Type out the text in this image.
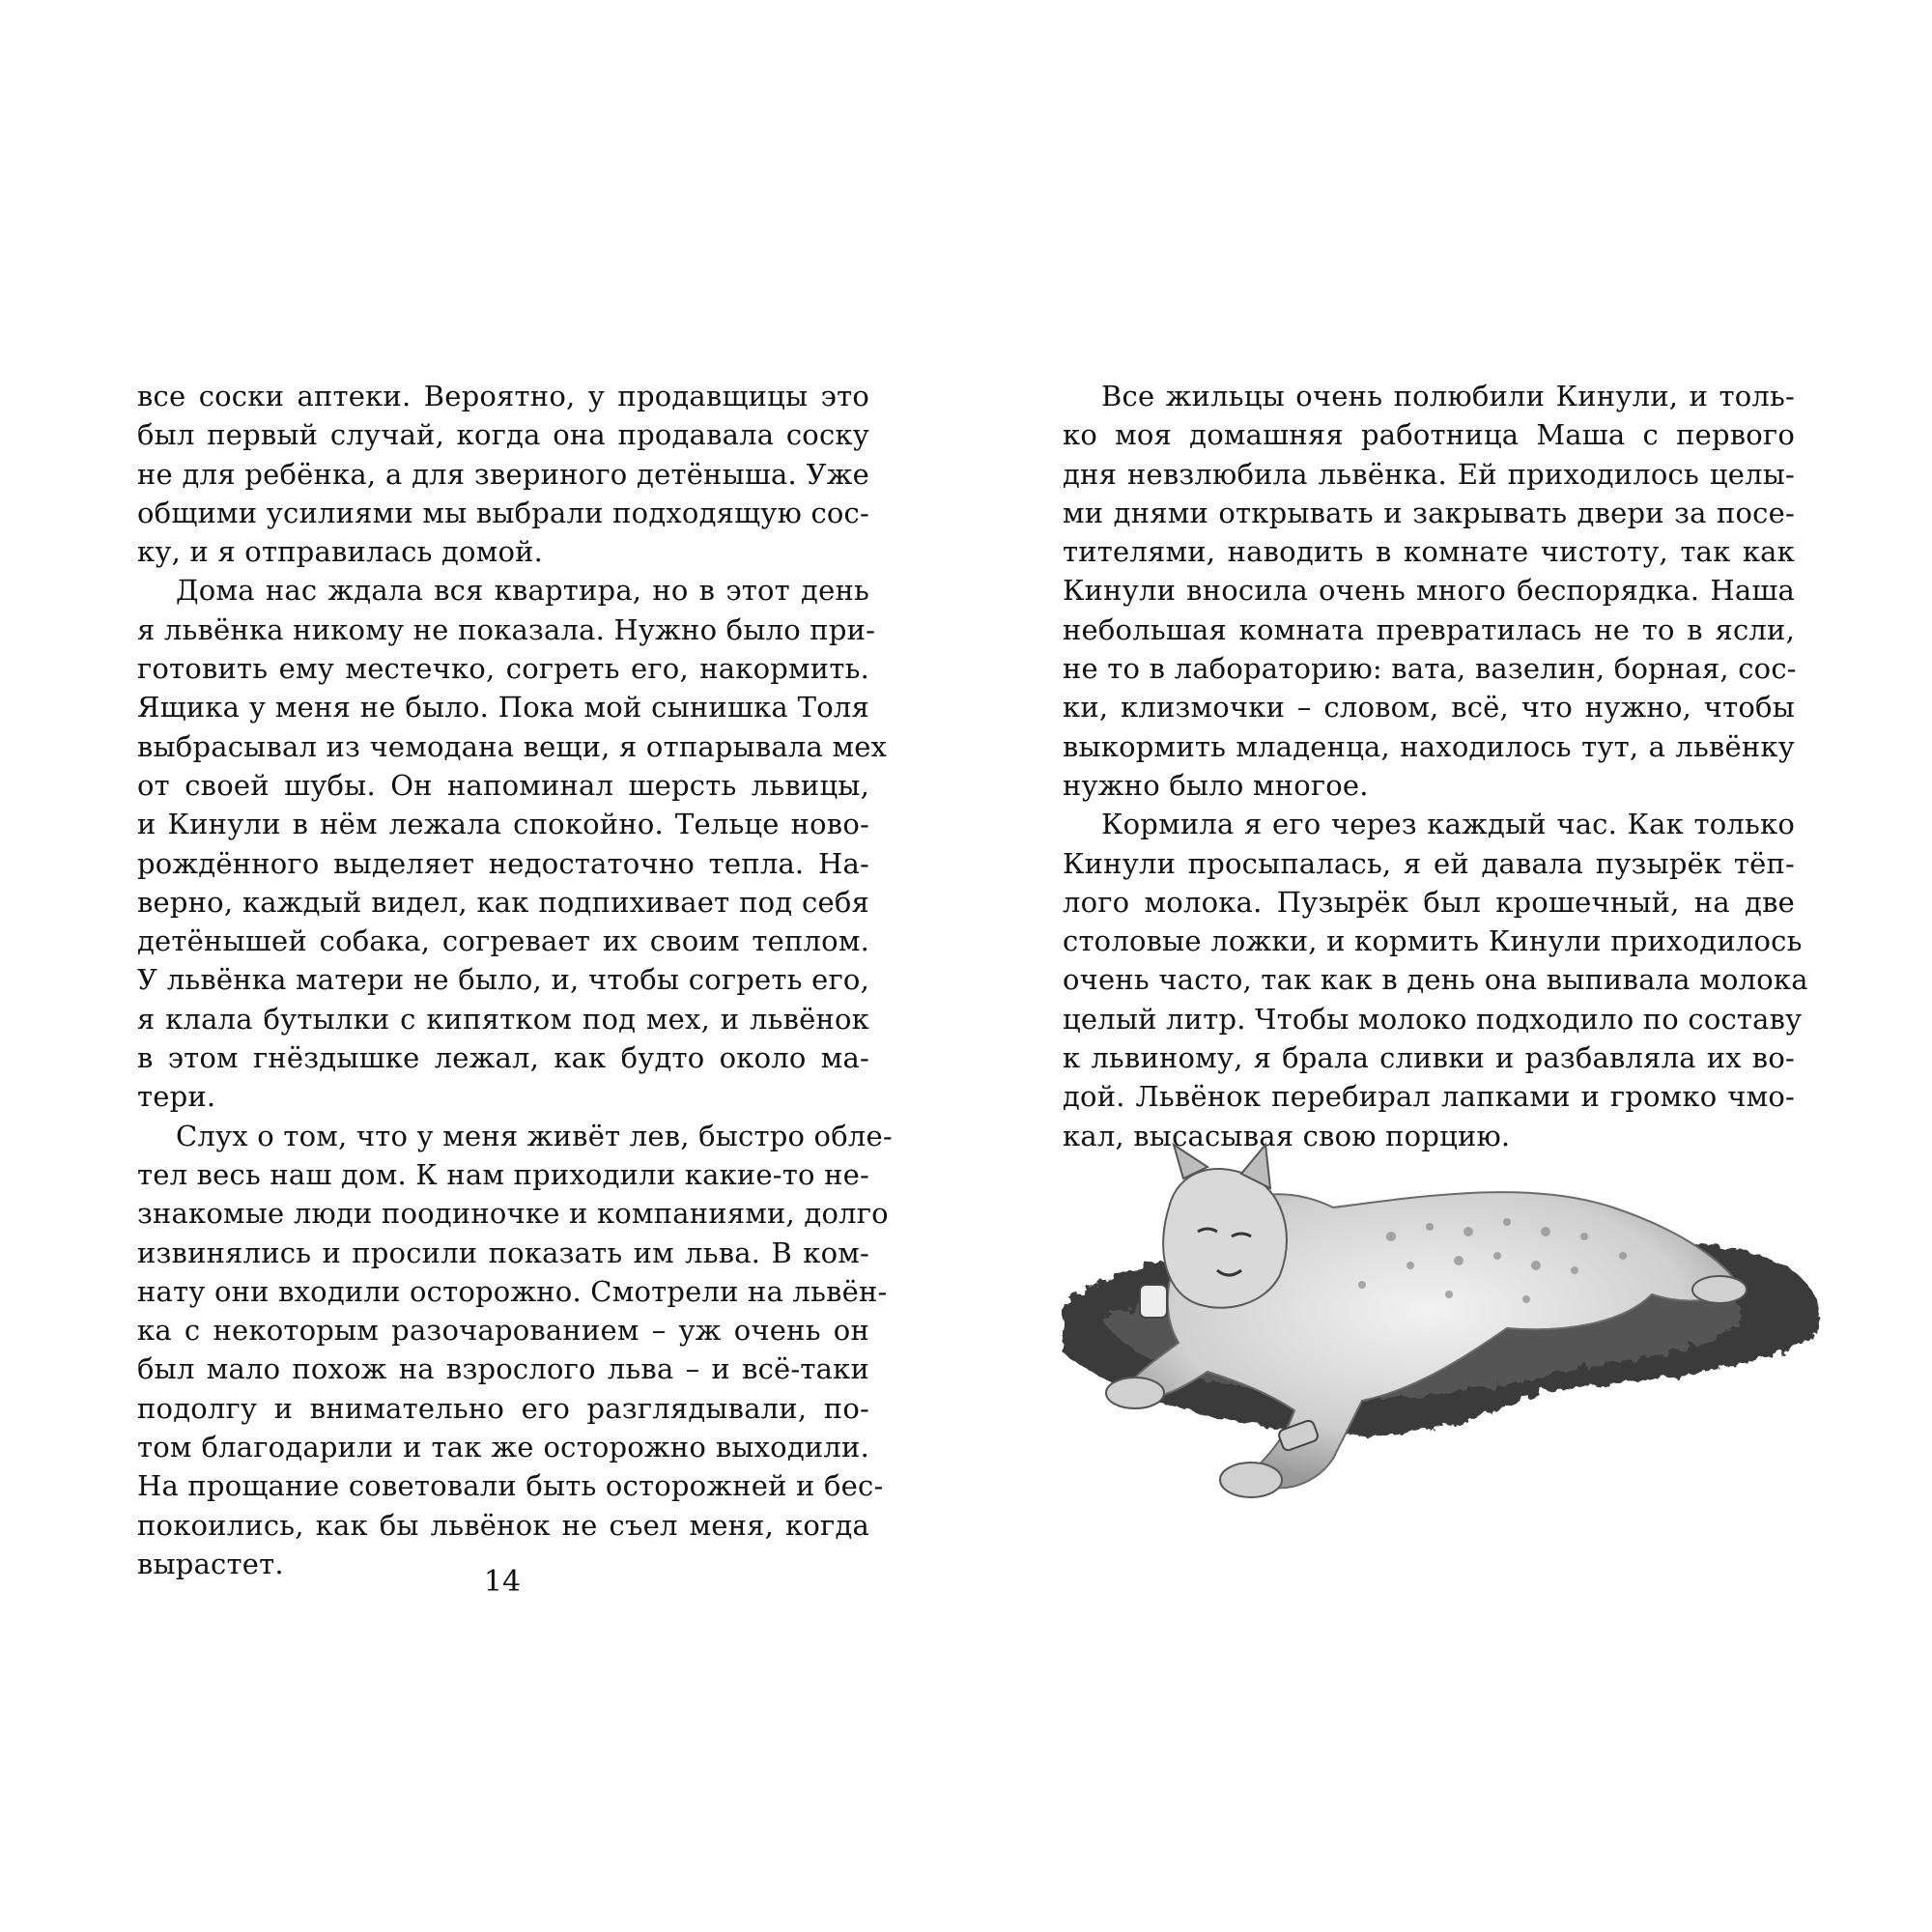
все соски аптеки. Вероятно, у продавщицы это
был первый случай, когда она продавала соску
не для ребёнка, а для звериного детёныша. Уже
общими усилиями мы выбрали подходящую сос-
ку, и я отправилась домой.
Дома нас ждала вся квартира, но в этот день
я львёнка никому не показала. Нужно было при-
готовить ему местечко, согреть его, накормить.
Ящика у меня не было. Пока мой сынишка Толя
выбрасывал из чемодана вещи, я отпарывала мех
от своей шубы. Он напоминал шерсть львицы,
и Кинули в нём лежала спокойно. Тельце ново-
рождённого выделяет недостаточно тепла. На-
верно, каждый видел, как подпихивает под себя
детёнышей собака, согревает их своим теплом.
У львёнка матери не было, и, чтобы согреть его,
я клала бутылки с кипятком под мех, и львёнок
в этом гнёздышке лежал, как будто около ма-
тери.
Слух о том, что у меня живёт лев, быстро обле-
тел весь наш дом. К нам приходили какие-то не-
знакомые люди поодиночке и компаниями, долго
извинялись и просили показать им льва. В ком-
нату они входили осторожно. Смотрели на львён-
ка с некоторым разочарованием – уж очень он
был мало похож на взрослого льва – и всё-таки
подолгу и внимательно его разглядывали, по-
том благодарили и так же осторожно выходили.
На прощание советовали быть осторожней и бес-
покоились, как бы львёнок не съел меня, когда
вырастет.
Все жильцы очень полюбили Кинули, и толь-
ко моя домашняя работница Маша с первого
дня невзлюбила львёнка. Ей приходилось целы-
ми днями открывать и закрывать двери за посе-
тителями, наводить в комнате чистоту, так как
Кинули вносила очень много беспорядка. Наша
небольшая комната превратилась не то в ясли,
не то в лабораторию: вата, вазелин, борная, сос-
ки, клизмочки – словом, всё, что нужно, чтобы
выкормить младенца, находилось тут, а львёнку
нужно было многое.
Кормила я его через каждый час. Как только
Кинули просыпалась, я ей давала пузырёк тёп-
лого молока. Пузырёк был крошечный, на две
столовые ложки, и кормить Кинули приходилось
очень часто, так как в день она выпивала молока
целый литр. Чтобы молоко подходило по составу
к львиному, я брала сливки и разбавляла их во-
дой. Львёнок перебирал лапками и громко чмо-
кал, высасывая свою порцию.
14
